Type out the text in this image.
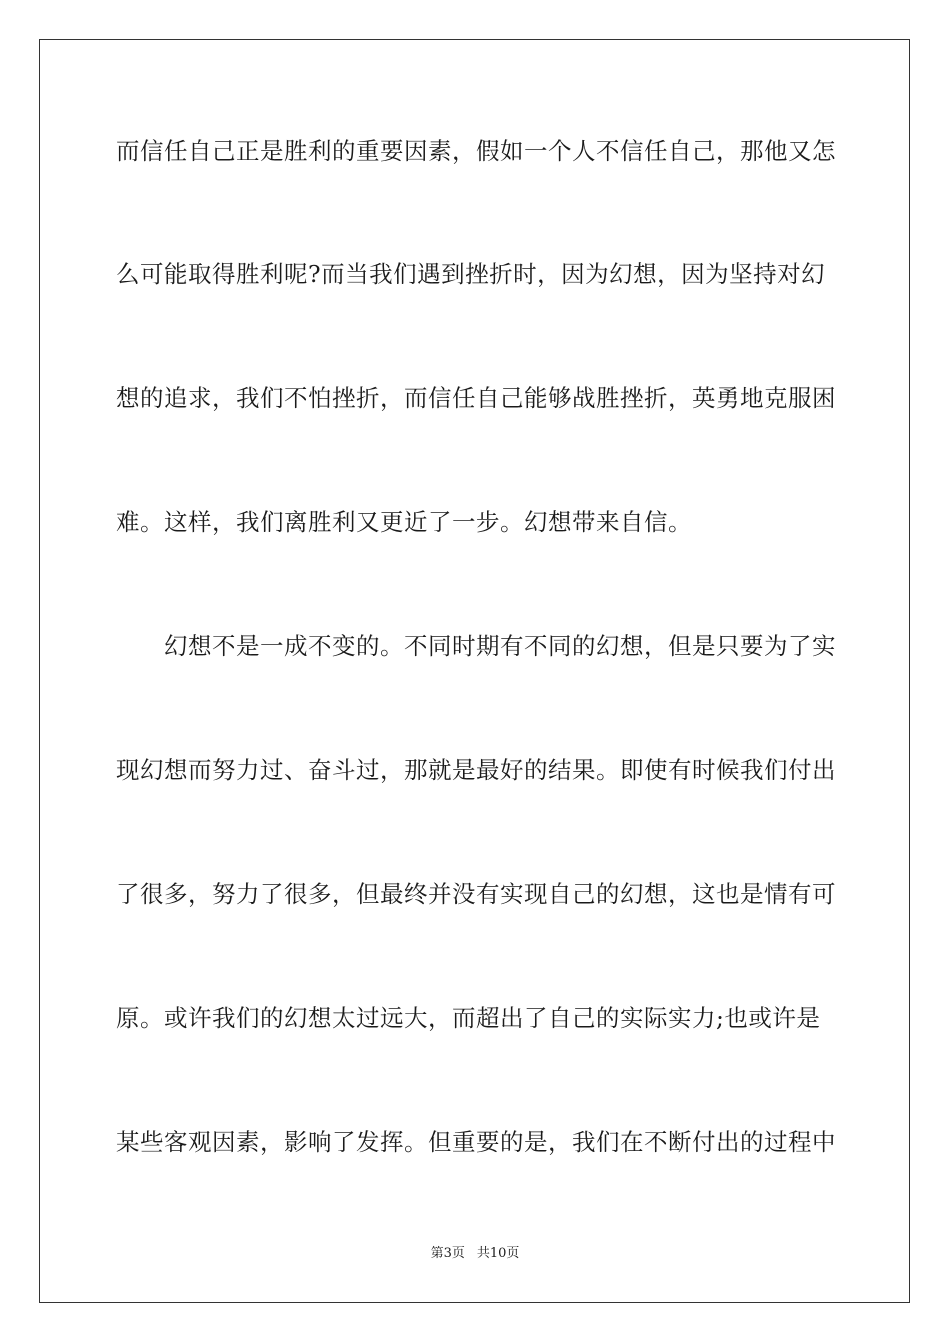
而信任自己正是胜利的重要因素，假如一个人不信任自己，那他又怎
么可能取得胜利呢?而当我们遇到挫折时，因为幻想，因为坚持对幻
想的追求，我们不怕挫折，而信任自己能够战胜挫折，英勇地克服困
难。这样，我们离胜利又更近了一步。幻想带来自信。
幻想不是一成不变的。不同时期有不同的幻想，但是只要为了实
现幻想而努力过、奋斗过，那就是最好的结果。即使有时候我们付出
了很多，努力了很多，但最终并没有实现自己的幻想，这也是情有可
原。或许我们的幻想太过远大，而超出了自己的实际实力;也或许是
某些客观因素，影响了发挥。但重要的是，我们在不断付出的过程中
第3页 共10页
